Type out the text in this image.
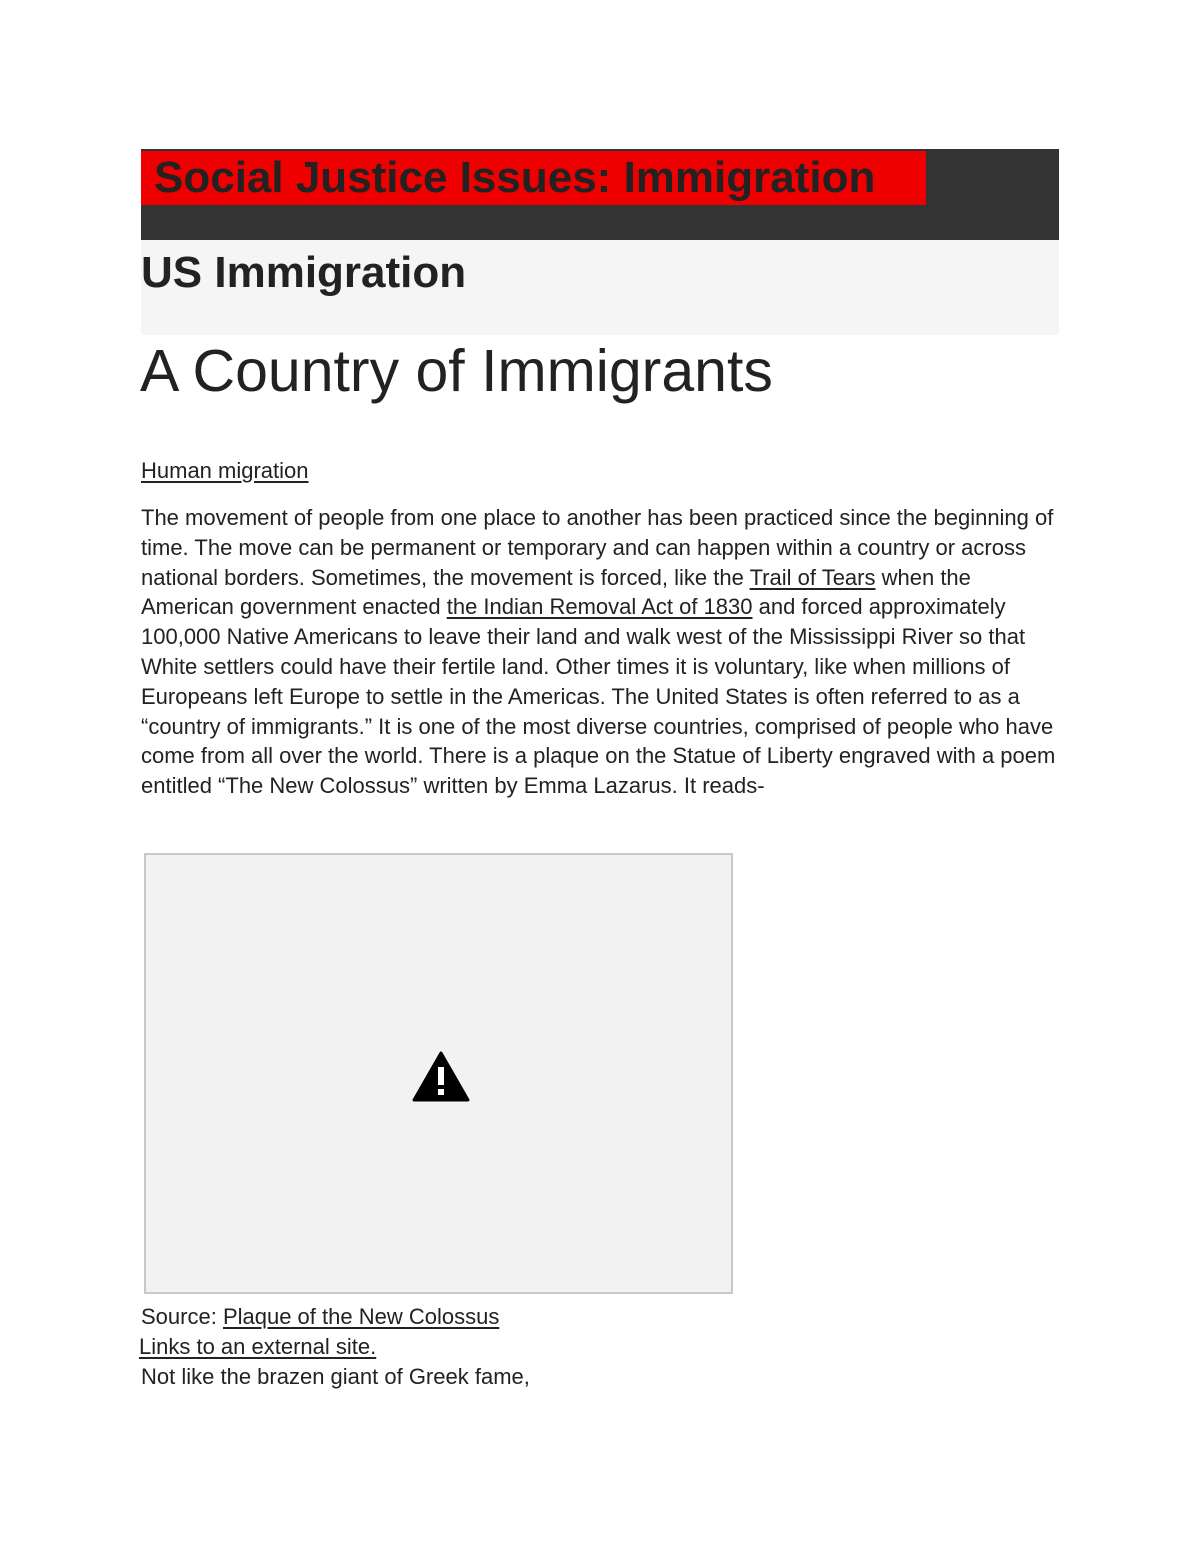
Social Justice Issues: Immigration
US Immigration
A Country of Immigrants
Human migration

The movement of people from one place to another has been practiced since the beginning of time. The move can be permanent or temporary and can happen within a country or across national borders. Sometimes, the movement is forced, like the Trail of Tears when the American government enacted the Indian Removal Act of 1830 and forced approximately 100,000 Native Americans to leave their land and walk west of the Mississippi River so that White settlers could have their fertile land. Other times it is voluntary, like when millions of Europeans left Europe to settle in the Americas. The United States is often referred to as a “country of immigrants.” It is one of the most diverse countries, comprised of people who have come from all over the world. There is a plaque on the Statue of Liberty engraved with a poem entitled “The New Colossus” written by Emma Lazarus. It reads-

Source: Plaque of the New Colossus
Links to an external site.

Not like the brazen giant of Greek fame,
